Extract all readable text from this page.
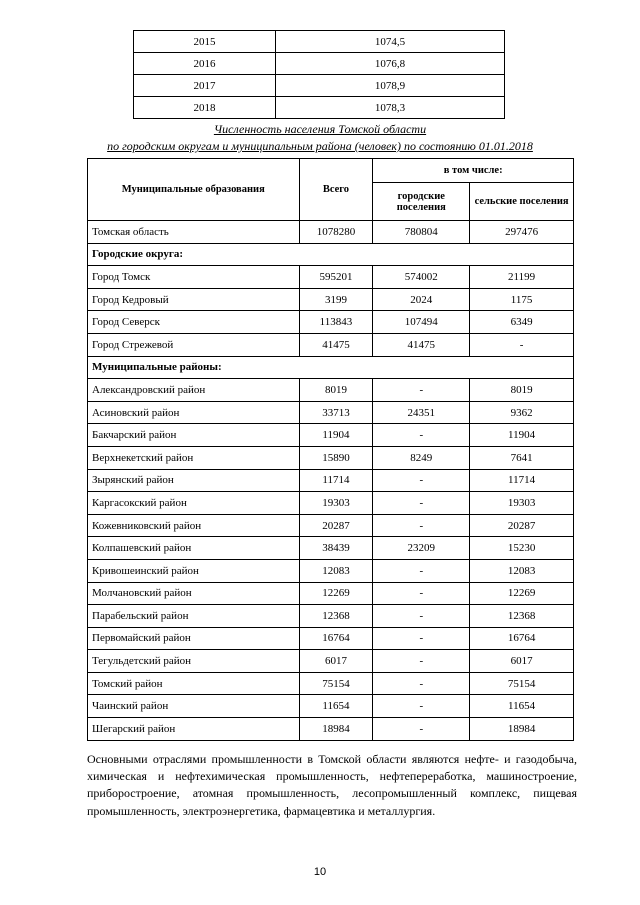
2015	1074,5
2016	1076,8
2017	1078,9
2018	1078,3
Численность населения Томской области
по городским округам и муниципальным района (человек) по состоянию 01.01.2018
Муниципальные образования	Всего	в том числе:	
		городские поселения	сельские поселения
Томская область	1078280	780804	297476
Городские округа:			
Город Томск	595201	574002	21199
Город Кедровый	3199	2024	1175
Город Северск	113843	107494	6349
Город Стрежевой	41475	41475	-
Муниципальные районы:			
Александровский район	8019	-	8019
Асиновский район	33713	24351	9362
Бакчарский район	11904	-	11904
Верхнекетский район	15890	8249	7641
Зырянский район	11714	-	11714
Каргасокский район	19303	-	19303
Кожевниковский район	20287	-	20287
Колпашевский район	38439	23209	15230
Кривошеинский район	12083	-	12083
Молчановский район	12269	-	12269
Парабельский район	12368	-	12368
Первомайский район	16764	-	16764
Тегульдетский район	6017	-	6017
Томский район	75154	-	75154
Чаинский район	11654	-	11654
Шегарский район	18984	-	18984
Основными отраслями промышленности в Томской области являются нефте- и газодобыча, химическая и нефтехимическая промышленность, нефтепереработка, машиностроение, приборостроение, атомная промышленность, лесопромышленный комплекс, пищевая промышленность, электроэнергетика, фармацевтика и металлургия.
10
